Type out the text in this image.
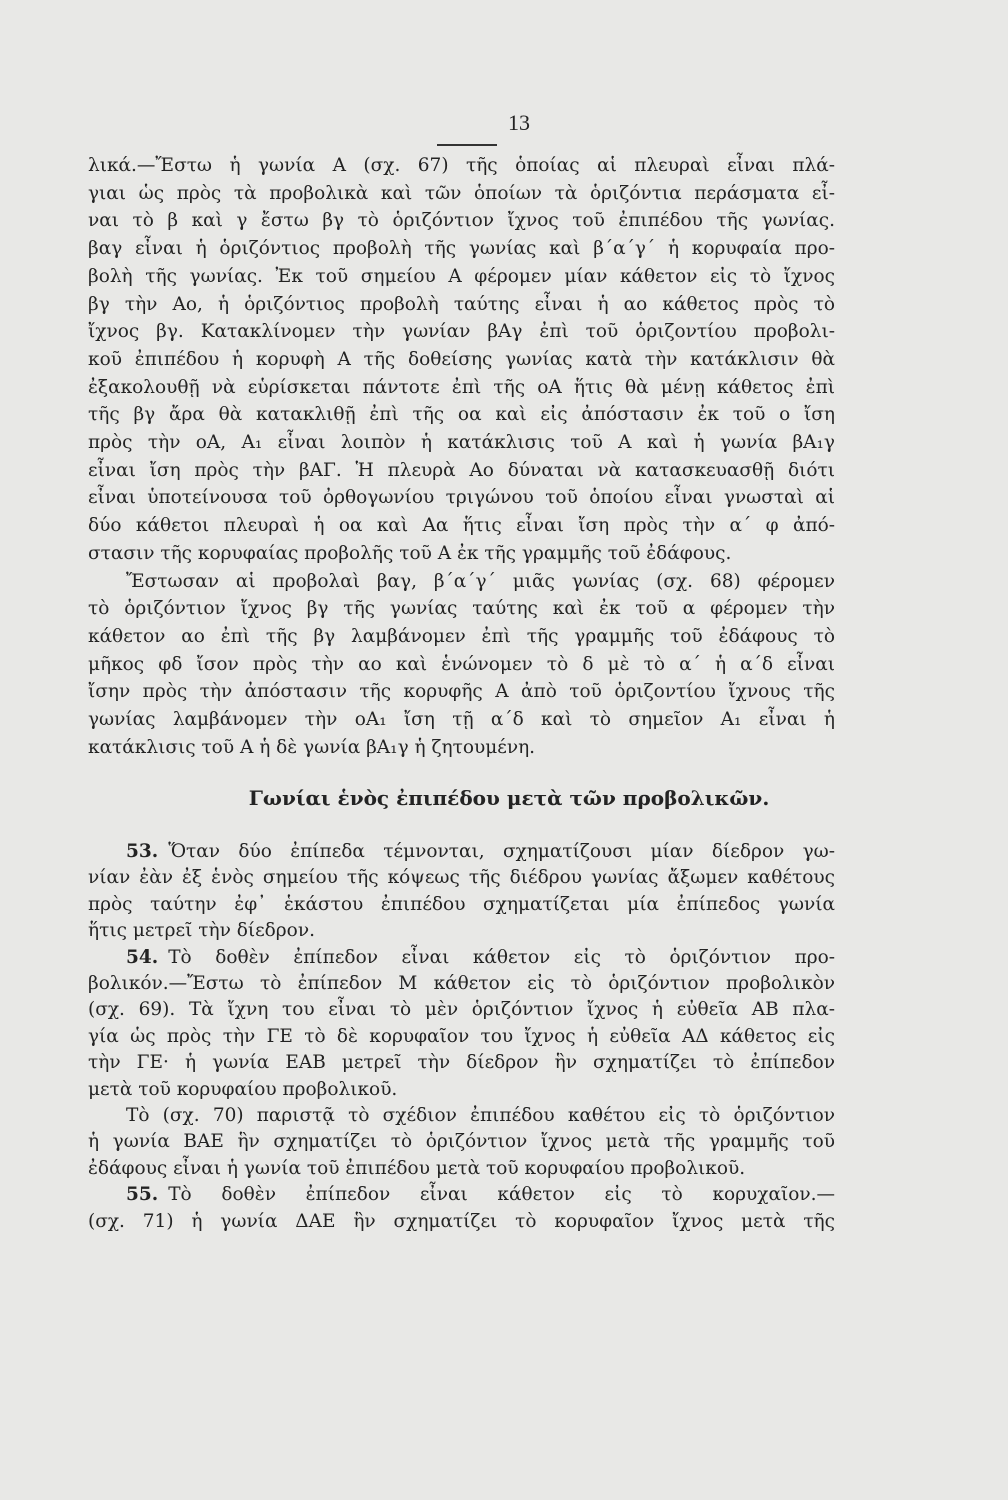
13
λικά.—Ἔστω ἡ γωνία Α (σχ. 67) τῆς ὁποίας αἱ πλευραὶ εἶναι πλά-
γιαι ὡς πρὸς τὰ προβολικὰ καὶ τῶν ὁποίων τὰ ὁριζόντια περάσματα εἶ-
ναι τὸ β καὶ γ ἔστω βγ τὸ ὁριζόντιον ἴχνος τοῦ ἐπιπέδου τῆς γωνίας.
βαγ εἶναι ἡ ὁριζόντιος προβολὴ τῆς γωνίας καὶ β΄α΄γ΄ ἡ κορυφαία προ-
βολὴ τῆς γωνίας. Ἐκ τοῦ σημείου Α φέρομεν μίαν κάθετον εἰς τὸ ἴχνος
βγ τὴν Αο, ἡ ὁριζόντιος προβολὴ ταύτης εἶναι ἡ αο κάθετος πρὸς τὸ
ἴχνος βγ. Κατακλίνομεν τὴν γωνίαν βΑγ ἐπὶ τοῦ ὁριζοντίου προβολι-
κοῦ ἐπιπέδου ἡ κορυφὴ Α τῆς δοθείσης γωνίας κατὰ τὴν κατάκλισιν θὰ
ἐξακολουθῇ νὰ εὑρίσκεται πάντοτε ἐπὶ τῆς οΑ ἥτις θὰ μένῃ κάθετος ἐπὶ
τῆς βγ ἄρα θὰ κατακλιθῇ ἐπὶ τῆς οα καὶ εἰς ἀπόστασιν ἐκ τοῦ ο ἴση
πρὸς τὴν οΑ, Α₁ εἶναι λοιπὸν ἡ κατάκλισις τοῦ Α καὶ ἡ γωνία βΑ₁γ
εἶναι ἴση πρὸς τὴν βΑΓ. Ἡ πλευρὰ Αο δύναται νὰ κατασκευασθῇ διότι
εἶναι ὑποτείνουσα τοῦ ὀρθογωνίου τριγώνου τοῦ ὁποίου εἶναι γνωσταὶ αἱ
δύο κάθετοι πλευραὶ ἡ οα καὶ Αα ἥτις εἶναι ἴση πρὸς τὴν α΄ φ ἀπό-
στασιν τῆς κορυφαίας προβολῆς τοῦ Α ἐκ τῆς γραμμῆς τοῦ ἐδάφους.
Ἔστωσαν αἱ προβολαὶ βαγ, β΄α΄γ΄ μιᾶς γωνίας (σχ. 68) φέρομεν
τὸ ὁριζόντιον ἴχνος βγ τῆς γωνίας ταύτης καὶ ἐκ τοῦ α φέρομεν τὴν
κάθετον αο ἐπὶ τῆς βγ λαμβάνομεν ἐπὶ τῆς γραμμῆς τοῦ ἐδάφους τὸ
μῆκος φδ ἴσον πρὸς τὴν αο καὶ ἑνώνομεν τὸ δ μὲ τὸ α΄ ἡ α΄δ εἶναι
ἴσην πρὸς τὴν ἀπόστασιν τῆς κορυφῆς Α ἀπὸ τοῦ ὁριζοντίου ἴχνους τῆς
γωνίας λαμβάνομεν τὴν οΑ₁ ἴση τῇ α΄δ καὶ τὸ σημεῖον Α₁ εἶναι ἡ
κατάκλισις τοῦ Α ἡ δὲ γωνία βΑ₁γ ἡ ζητουμένη.
Γωνίαι ἑνὸς ἐπιπέδου μετὰ τῶν προβολικῶν.
53. Ὅταν δύο ἐπίπεδα τέμνονται, σχηματίζουσι μίαν δίεδρον γω-
νίαν ἐὰν ἐξ ἑνὸς σημείου τῆς κόψεως τῆς διέδρου γωνίας ἄξωμεν καθέτους
πρὸς ταύτην ἐφ᾽ ἑκάστου ἐπιπέδου σχηματίζεται μία ἐπίπεδος γωνία
ἥτις μετρεῖ τὴν δίεδρον.
54. Τὸ δοθὲν ἐπίπεδον εἶναι κάθετον εἰς τὸ ὁριζόντιον προ-
βολικόν.—Ἔστω τὸ ἐπίπεδον Μ κάθετον εἰς τὸ ὁριζόντιον προβολικὸν
(σχ. 69). Τὰ ἴχνη του εἶναι τὸ μὲν ὁριζόντιον ἴχνος ἡ εὐθεῖα ΑΒ πλα-
γία ὡς πρὸς τὴν ΓΕ τὸ δὲ κορυφαῖον του ἴχνος ἡ εὐθεῖα ΑΔ κάθετος εἰς
τὴν ΓΕ· ἡ γωνία ΕΑΒ μετρεῖ τὴν δίεδρον ἣν σχηματίζει τὸ ἐπίπεδον
μετὰ τοῦ κορυφαίου προβολικοῦ.
Τὸ (σχ. 70) παριστᾷ τὸ σχέδιον ἐπιπέδου καθέτου εἰς τὸ ὁριζόντιον
ἡ γωνία ΒΑΕ ἣν σχηματίζει τὸ ὁριζόντιον ἴχνος μετὰ τῆς γραμμῆς τοῦ
ἐδάφους εἶναι ἡ γωνία τοῦ ἐπιπέδου μετὰ τοῦ κορυφαίου προβολικοῦ.
55. Τὸ δοθὲν ἐπίπεδον εἶναι κάθετον εἰς τὸ κορυχαῖον.—
(σχ. 71) ἡ γωνία ΔΑΕ ἣν σχηματίζει τὸ κορυφαῖον ἴχνος μετὰ τῆς
